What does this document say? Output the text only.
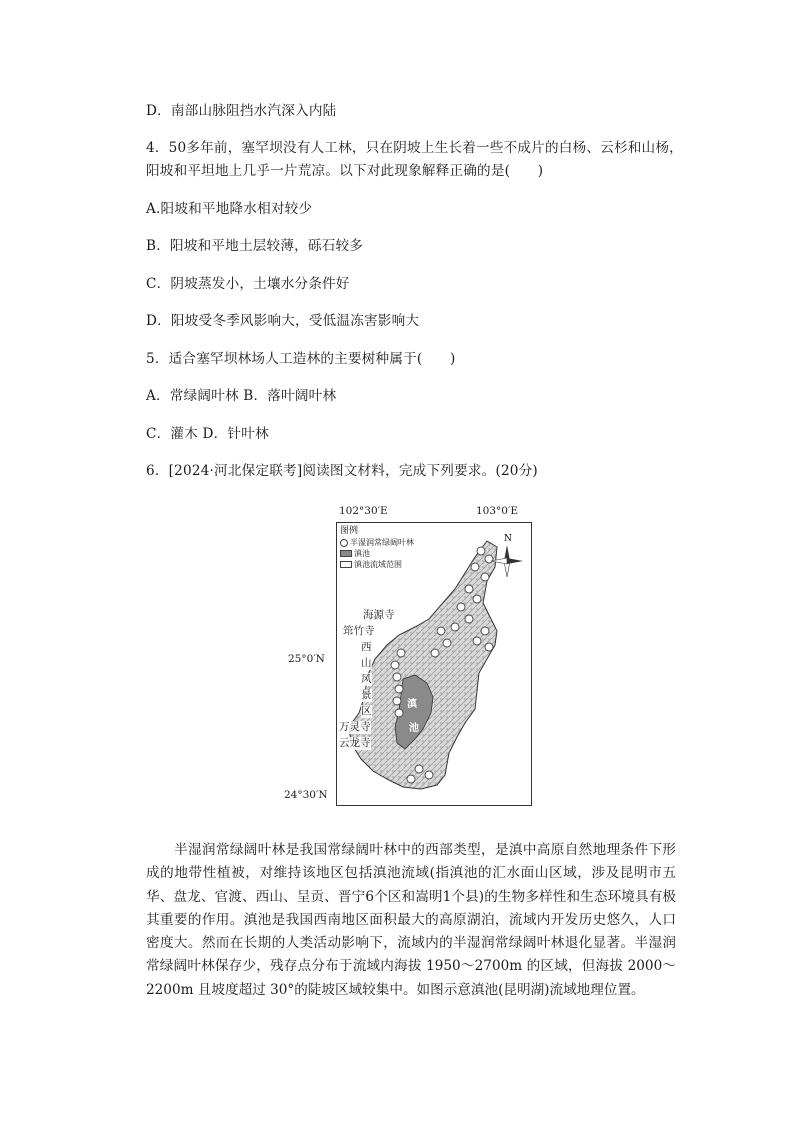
D．南部山脉阻挡水汽深入内陆
4．50多年前，塞罕坝没有人工林，只在阴坡上生长着一些不成片的白杨、云杉和山杨，
阳坡和平坦地上几乎一片荒凉。以下对此现象解释正确的是(　　)
A.阳坡和平地降水相对较少
B．阳坡和平地土层较薄，砾石较多
C．阴坡蒸发小，土壤水分条件好
D．阳坡受冬季风影响大，受低温冻害影响大
5．适合塞罕坝林场人工造林的主要树种属于(　　)
A．常绿阔叶林 B．落叶阔叶林
C．灌木 D．针叶林
6．[2024·河北保定联考]阅读图文材料，完成下列要求。(20分)
102°30′E	103°0′E
25°0′N
24°30′N
N
滇
池
图例
半湿润常绿阔叶林
滇池
滇池流域范围
海源寺
筇竹寺
西
山
风
景
区
万灵寺
云龙寺
半湿润常绿阔叶林是我国常绿阔叶林中的西部类型，是滇中高原自然地理条件下形成的地带性植被，对维持该地区包括滇池流域(指滇池的汇水面山区域，涉及昆明市五华、盘龙、官渡、西山、呈贡、晋宁6个区和嵩明1个县)的生物多样性和生态环境具有极其重要的作用。滇池是我国西南地区面积最大的高原湖泊，流域内开发历史悠久，人口密度大。然而在长期的人类活动影响下，流域内的半湿润常绿阔叶林退化显著。半湿润常绿阔叶林保存少，残存点分布于流域内海拔 1950～2700m 的区域，但海拔 2000～2200m 且坡度超过 30°的陡坡区域较集中。如图示意滇池(昆明湖)流域地理位置。
